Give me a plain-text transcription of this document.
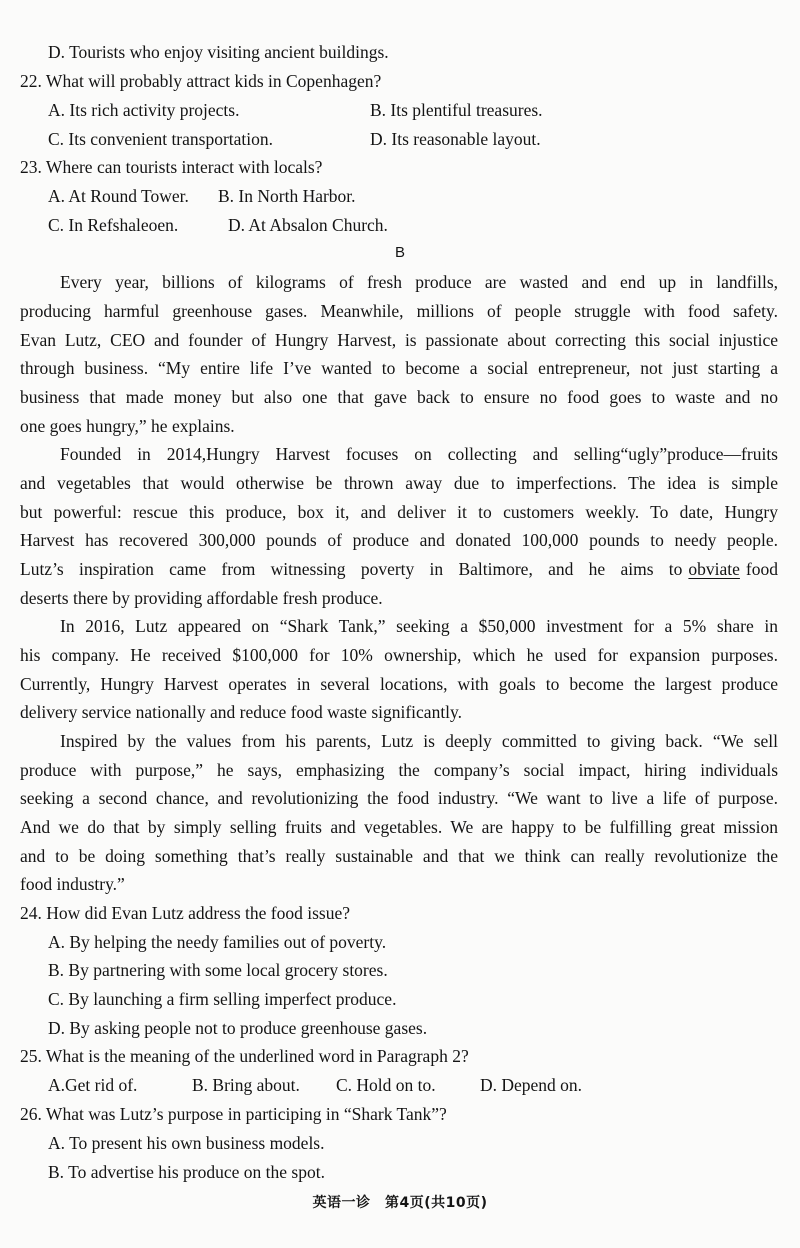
D. Tourists who enjoy visiting ancient buildings.
22. What will probably attract kids in Copenhagen?
A. Its rich activity projects.	B. Its plentiful treasures.
C. Its convenient transportation.	D. Its reasonable layout.
23. Where can tourists interact with locals?
A. At Round Tower. B. In North Harbor.
C. In Refshaleoen.	D. At Absalon Church.
B
Every year, billions of kilograms of fresh produce are wasted and end up in landfills,
producing harmful greenhouse gases. Meanwhile, millions of people struggle with food safety.
Evan Lutz, CEO and founder of Hungry Harvest, is passionate about correcting this social injustice
through business. “My entire life I’ve wanted to become a social entrepreneur, not just starting a
business that made money but also one that gave back to ensure no food goes to waste and no
one goes hungry,” he explains.
Founded in 2014,Hungry Harvest focuses on collecting and selling“ugly”produce—fruits
and vegetables that would otherwise be thrown away due to imperfections. The idea is simple
but powerful: rescue this produce, box it, and deliver it to customers weekly. To date, Hungry
Harvest has recovered 300,000 pounds of produce and donated 100,000 pounds to needy people.
Lutz’s inspiration came from witnessing poverty in Baltimore, and he aims to obviate food
deserts there by providing affordable fresh produce.
In 2016, Lutz appeared on “Shark Tank,” seeking a $50,000 investment for a 5% share in
his company. He received $100,000 for 10% ownership, which he used for expansion purposes.
Currently, Hungry Harvest operates in several locations, with goals to become the largest produce
delivery service nationally and reduce food waste significantly.
Inspired by the values from his parents, Lutz is deeply committed to giving back. “We sell
produce with purpose,” he says, emphasizing the company’s social impact, hiring individuals
seeking a second chance, and revolutionizing the food industry. “We want to live a life of purpose.
And we do that by simply selling fruits and vegetables. We are happy to be fulfilling great mission
and to be doing something that’s really sustainable and that we think can really revolutionize the
food industry.”
24. How did Evan Lutz address the food issue?
A. By helping the needy families out of poverty.
B. By partnering with some local grocery stores.
C. By launching a firm selling imperfect produce.
D. By asking people not to produce greenhouse gases.
25. What is the meaning of the underlined word in Paragraph 2?
A.Get rid of.	B. Bring about. C. Hold on to.	D. Depend on.
26. What was Lutz’s purpose in participing in “Shark Tank”?
A. To present his own business models.
B. To advertise his produce on the spot.
英语一诊　第4页(共10页)
